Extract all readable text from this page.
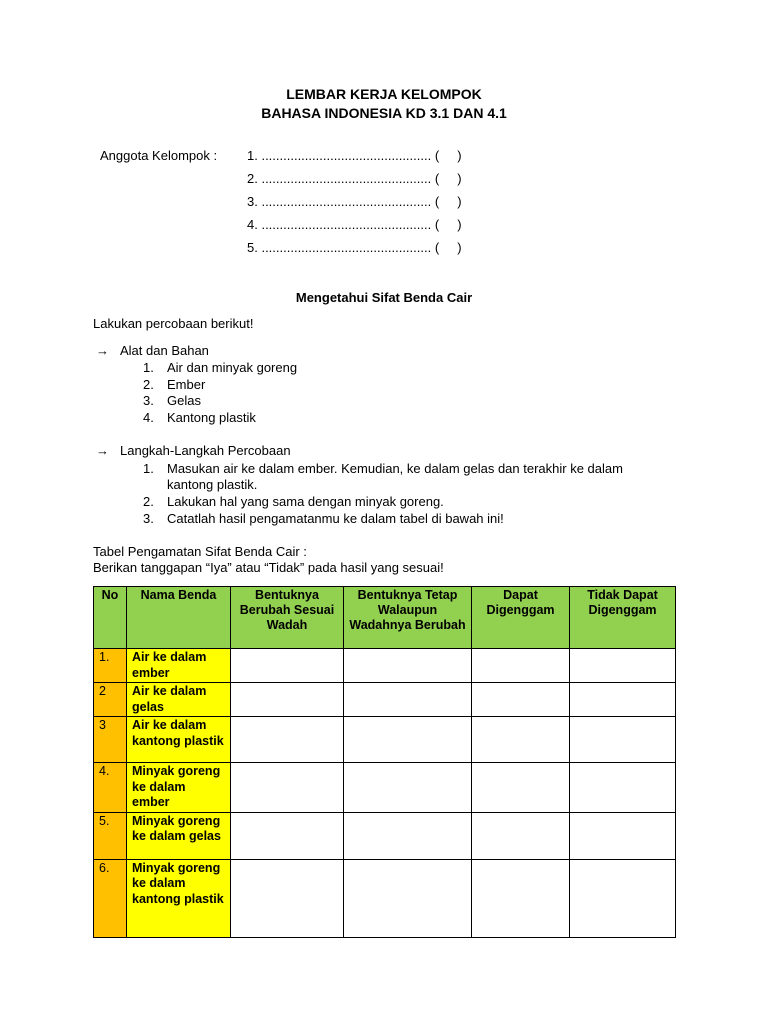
LEMBAR KERJA KELOMPOK
BAHASA INDONESIA KD 3.1 DAN 4.1
Anggota Kelompok : 1. ............................................... (     )
2. ............................................... (     )
3. ............................................... (     )
4. ............................................... (     )
5. ............................................... (     )
Mengetahui Sifat Benda Cair
Lakukan percobaan berikut!
→ Alat dan Bahan
1. Air dan minyak goreng
2. Ember
3. Gelas
4. Kantong plastik
→ Langkah-Langkah Percobaan
1. Masukan air ke dalam ember. Kemudian, ke dalam gelas dan terakhir ke dalam
kantong plastik.
2. Lakukan hal yang sama dengan minyak goreng.
3. Catatlah hasil pengamatanmu ke dalam tabel di bawah ini!
Tabel Pengamatan Sifat Benda Cair :
Berikan tanggapan “Iya” atau “Tidak” pada hasil yang sesuai!
No	Nama Benda	Bentuknya Berubah Sesuai Wadah	Bentuknya Tetap Walaupun Wadahnya Berubah	Dapat Digenggam	Tidak Dapat Digenggam
1.	Air ke dalam ember				
2	Air ke dalam gelas				
3	Air ke dalam kantong plastik				
4.	Minyak goreng ke dalam ember				
5.	Minyak goreng ke dalam gelas				
6.	Minyak goreng ke dalam kantong plastik				
